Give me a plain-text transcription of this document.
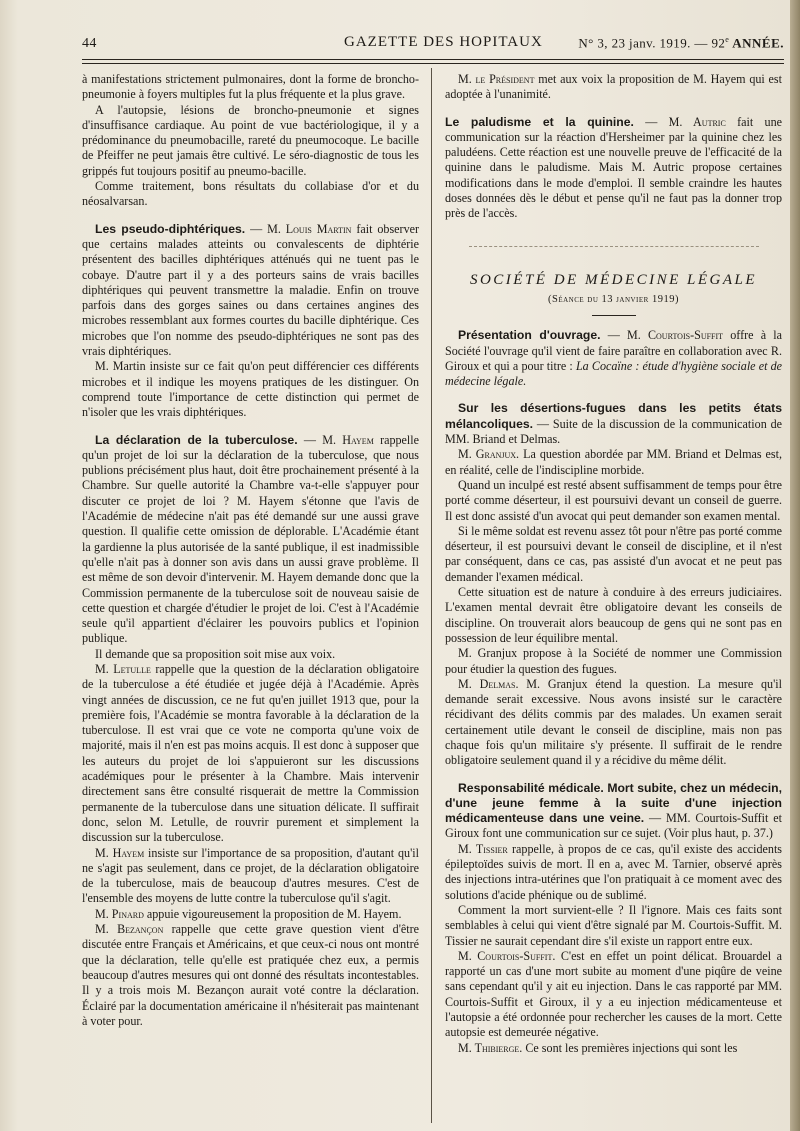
44	GAZETTE DES HOPITAUX	N° 3, 23 janv. 1919. — 92e ANNÉE.

à manifestations strictement pulmonaires, dont la forme de broncho-pneumonie à foyers multiples fut la plus fréquente et la plus grave.

A l'autopsie, lésions de broncho-pneumonie et signes d'insuffisance cardiaque. Au point de vue bactériologique, il y a prédominance du pneumobacille, rareté du pneumocoque. Le bacille de Pfeiffer ne peut jamais être cultivé. Le séro-diagnostic de tous les grippés fut toujours positif au pneumo-bacille.

Comme traitement, bons résultats du collabiase d'or et du néosalvarsan.

Les pseudo-diphtériques. — M. Louis Martin fait observer que certains malades atteints ou convalescents de diphtérie présentent des bacilles diphtériques atténués qui ne tuent pas le cobaye. D'autre part il y a des porteurs sains de vrais bacilles diphtériques qui peuvent transmettre la maladie. Enfin on trouve parfois dans des gorges saines ou dans certaines angines des microbes ressemblant aux formes courtes du bacille diphtérique. Ces microbes que l'on nomme des pseudo-diphtériques ne sont pas des vrais diphtériques.

M. Martin insiste sur ce fait qu'on peut différencier ces différents microbes et il indique les moyens pratiques de les distinguer. On comprend toute l'importance de cette distinction qui permet de n'isoler que les vrais diphtériques.

La déclaration de la tuberculose. — M. Hayem rappelle qu'un projet de loi sur la déclaration de la tuberculose, que nous publions précisément plus haut, doit être prochainement présenté à la Chambre. Sur quelle autorité la Chambre va-t-elle s'appuyer pour discuter ce projet de loi ? M. Hayem s'étonne que l'avis de l'Académie de médecine n'ait pas été demandé sur une aussi grave question. Il qualifie cette omission de déplorable. L'Académie étant la gardienne la plus autorisée de la santé publique, il est inadmissible qu'elle n'ait pas à donner son avis dans un aussi grave problème. Il est même de son devoir d'intervenir. M. Hayem demande donc que la Commission permanente de la tuberculose soit de nouveau saisie de cette question et chargée d'étudier le projet de loi. C'est à l'Académie seule qu'il appartient d'éclairer les pouvoirs publics et l'opinion publique.

Il demande que sa proposition soit mise aux voix.

M. Letulle rappelle que la question de la déclaration obligatoire de la tuberculose a été étudiée et jugée déjà à l'Académie. Après vingt années de discussion, ce ne fut qu'en juillet 1913 que, pour la première fois, l'Académie se montra favorable à la déclaration de la tuberculose. Il est vrai que ce vote ne comporta qu'une voix de majorité, mais il n'en est pas moins acquis. Il est donc à supposer que les auteurs du projet de loi s'appuieront sur les discussions académiques pour le présenter à la Chambre. Mais intervenir directement sans être consulté risquerait de mettre la Commission permanente de la tuberculose dans une situation délicate. Il suffirait donc, selon M. Letulle, de rouvrir purement et simplement la discussion sur la tuberculose.

M. Hayem insiste sur l'importance de sa proposition, d'autant qu'il ne s'agit pas seulement, dans ce projet, de la déclaration obligatoire de la tuberculose, mais de beaucoup d'autres mesures. C'est de l'ensemble des moyens de lutte contre la tuberculose qu'il s'agit.

M. Pinard appuie vigoureusement la proposition de M. Hayem.

M. Bezançon rappelle que cette grave question vient d'être discutée entre Français et Américains, et que ceux-ci nous ont montré que la déclaration, telle qu'elle est pratiquée chez eux, a permis beaucoup d'autres mesures qui ont donné des résultats incontestables. Il y a trois mois M. Bezançon aurait voté contre la déclaration. Éclairé par la documentation américaine il n'hésiterait pas maintenant à voter pour.

M. le Président met aux voix la proposition de M. Hayem qui est adoptée à l'unanimité.

Le paludisme et la quinine. — M. Autric fait une communication sur la réaction d'Hersheimer par la quinine chez les paludéens. Cette réaction est une nouvelle preuve de l'efficacité de la quinine dans le paludisme. Mais M. Autric propose certaines modifications dans le mode d'emploi. Il semble craindre les hautes doses données dès le début et pense qu'il ne faut pas la donner trop près de l'accès.

SOCIÉTÉ DE MÉDECINE LÉGALE

(Séance du 13 janvier 1919)

Présentation d'ouvrage. — M. Courtois-Suffit offre à la Société l'ouvrage qu'il vient de faire paraître en collaboration avec R. Giroux et qui a pour titre : La Cocaïne : étude d'hygiène sociale et de médecine légale.

Sur les désertions-fugues dans les petits états mélancoliques. — Suite de la discussion de la communication de MM. Briand et Delmas.

M. Granjux. La question abordée par MM. Briand et Delmas est, en réalité, celle de l'indiscipline morbide.

Quand un inculpé est resté absent suffisamment de temps pour être porté comme déserteur, il est poursuivi devant un conseil de guerre. Il est donc assisté d'un avocat qui peut demander son examen mental.

Si le même soldat est revenu assez tôt pour n'être pas porté comme déserteur, il est poursuivi devant le conseil de discipline, et il n'est par conséquent, dans ce cas, pas assisté d'un avocat et ne peut pas demander l'examen médical.

Cette situation est de nature à conduire à des erreurs judiciaires. L'examen mental devrait être obligatoire devant les conseils de discipline. On trouverait alors beaucoup de gens qui ne sont pas en possession de leur équilibre mental.

M. Granjux propose à la Société de nommer une Commission pour étudier la question des fugues.

M. Delmas. M. Granjux étend la question. La mesure qu'il demande serait excessive. Nous avons insisté sur le caractère récidivant des délits commis par des malades. Un examen serait certainement utile devant le conseil de discipline, mais non pas chaque fois qu'un militaire s'y présente. Il suffirait de le rendre obligatoire seulement quand il y a récidive du même délit.

Responsabilité médicale. Mort subite, chez un médecin, d'une jeune femme à la suite d'une injection médicamenteuse dans une veine. — MM. Courtois-Suffit et Giroux font une communication sur ce sujet. (Voir plus haut, p. 37.)

M. Tissier rappelle, à propos de ce cas, qu'il existe des accidents épileptoïdes suivis de mort. Il en a, avec M. Tarnier, observé après des injections intra-utérines que l'on pratiquait à ce moment avec des solutions d'acide phénique ou de sublimé.

Comment la mort survient-elle ? Il l'ignore. Mais ces faits sont semblables à celui qui vient d'être signalé par M. Courtois-Suffit. M. Tissier ne saurait cependant dire s'il existe un rapport entre eux.

M. Courtois-Suffit. C'est en effet un point délicat. Brouardel a rapporté un cas d'une mort subite au moment d'une piqûre de veine sans cependant qu'il y ait eu injection. Dans le cas rapporté par MM. Courtois-Suffit et Giroux, il y a eu injection médicamenteuse et l'autopsie a été ordonnée pour rechercher les causes de la mort. Cette autopsie est demeurée négative.

M. Thibierge. Ce sont les premières injections qui sont les
